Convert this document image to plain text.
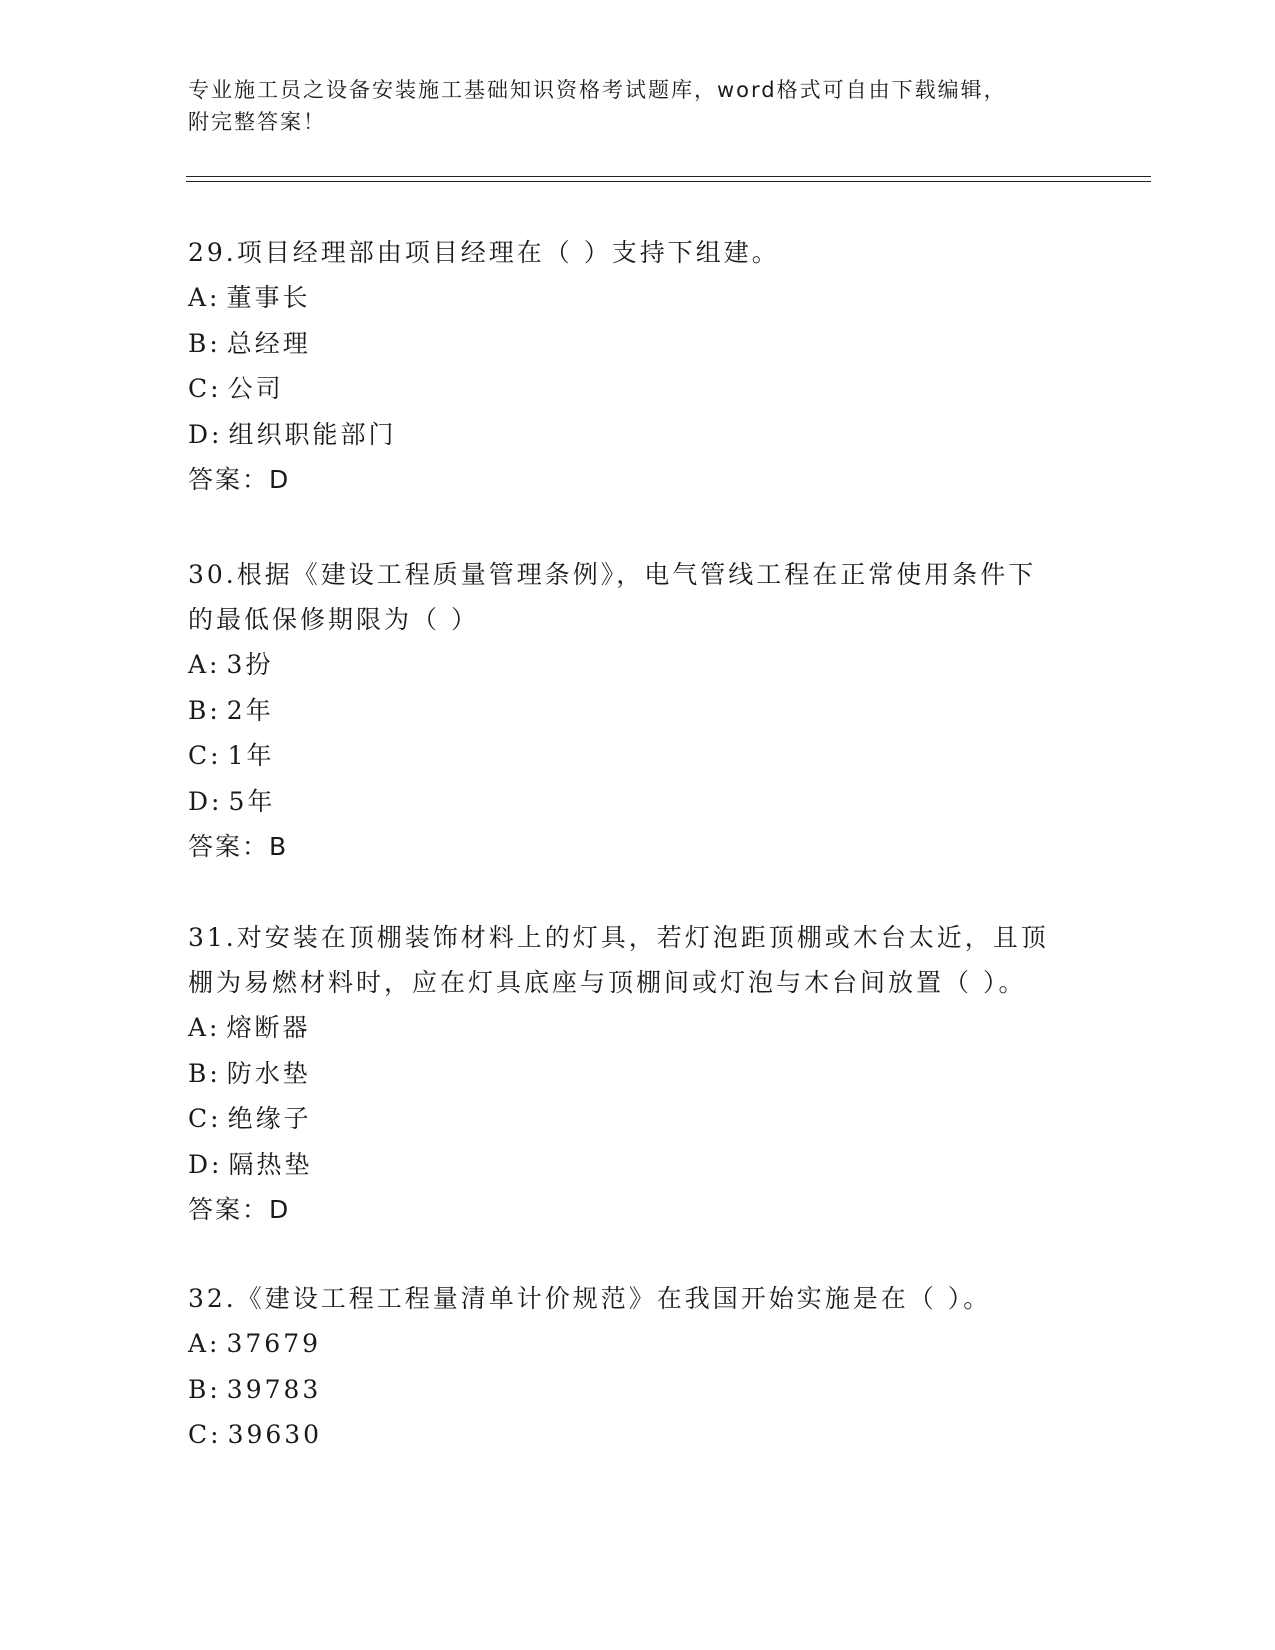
专业施工员之设备安装施工基础知识资格考试题库，word格式可自由下载编辑，
附完整答案！
29.项目经理部由项目经理在（ ）支持下组建。
A: 董事长
B: 总经理
C: 公司
D: 组织职能部门
答案：D
30.根据《建设工程质量管理条例》，电气管线工程在正常使用条件下
的最低保修期限为（ ）
A: 3扮
B: 2年
C: 1年
D: 5年
答案：B
31.对安装在顶棚装饰材料上的灯具，若灯泡距顶棚或木台太近，且顶
棚为易燃材料时，应在灯具底座与顶棚间或灯泡与木台间放置（ ）。
A: 熔断器
B: 防水垫
C: 绝缘子
D: 隔热垫
答案：D
32.《建设工程工程量清单计价规范》在我国开始实施是在（ ）。
A: 37679
B: 39783
C: 39630
